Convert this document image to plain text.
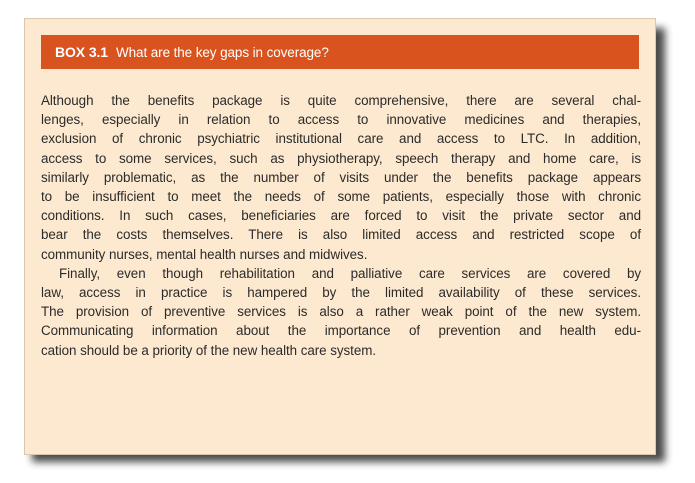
BOX 3.1 What are the key gaps in coverage?

Although the benefits package is quite comprehensive, there are several chal-
lenges, especially in relation to access to innovative medicines and therapies,
exclusion of chronic psychiatric institutional care and access to LTC. In addition,
access to some services, such as physiotherapy, speech therapy and home care, is
similarly problematic, as the number of visits under the benefits package appears
to be insufficient to meet the needs of some patients, especially those with chronic
conditions. In such cases, beneficiaries are forced to visit the private sector and
bear the costs themselves. There is also limited access and restricted scope of
community nurses, mental health nurses and midwives.

Finally, even though rehabilitation and palliative care services are covered by
law, access in practice is hampered by the limited availability of these services.
The provision of preventive services is also a rather weak point of the new system.
Communicating information about the importance of prevention and health edu-
cation should be a priority of the new health care system.
